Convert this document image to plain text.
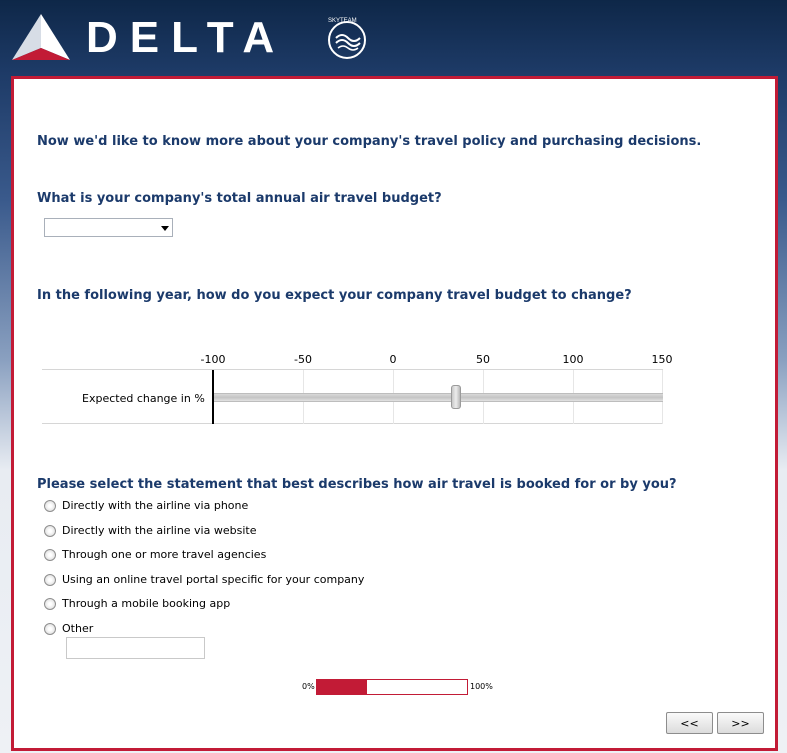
DELTA	SKYTEAM
Now we'd like to know more about your company's travel policy and purchasing decisions.
What is your company's total annual air travel budget?
In the following year, how do you expect your company travel budget to change?
-100	-50	0	50	100	150
Expected change in %
Please select the statement that best describes how air travel is booked for or by you?
Directly with the airline via phone
Directly with the airline via website
Through one or more travel agencies
Using an online travel portal specific for your company
Through a mobile booking app
Other
0%	100%
<<	>>
